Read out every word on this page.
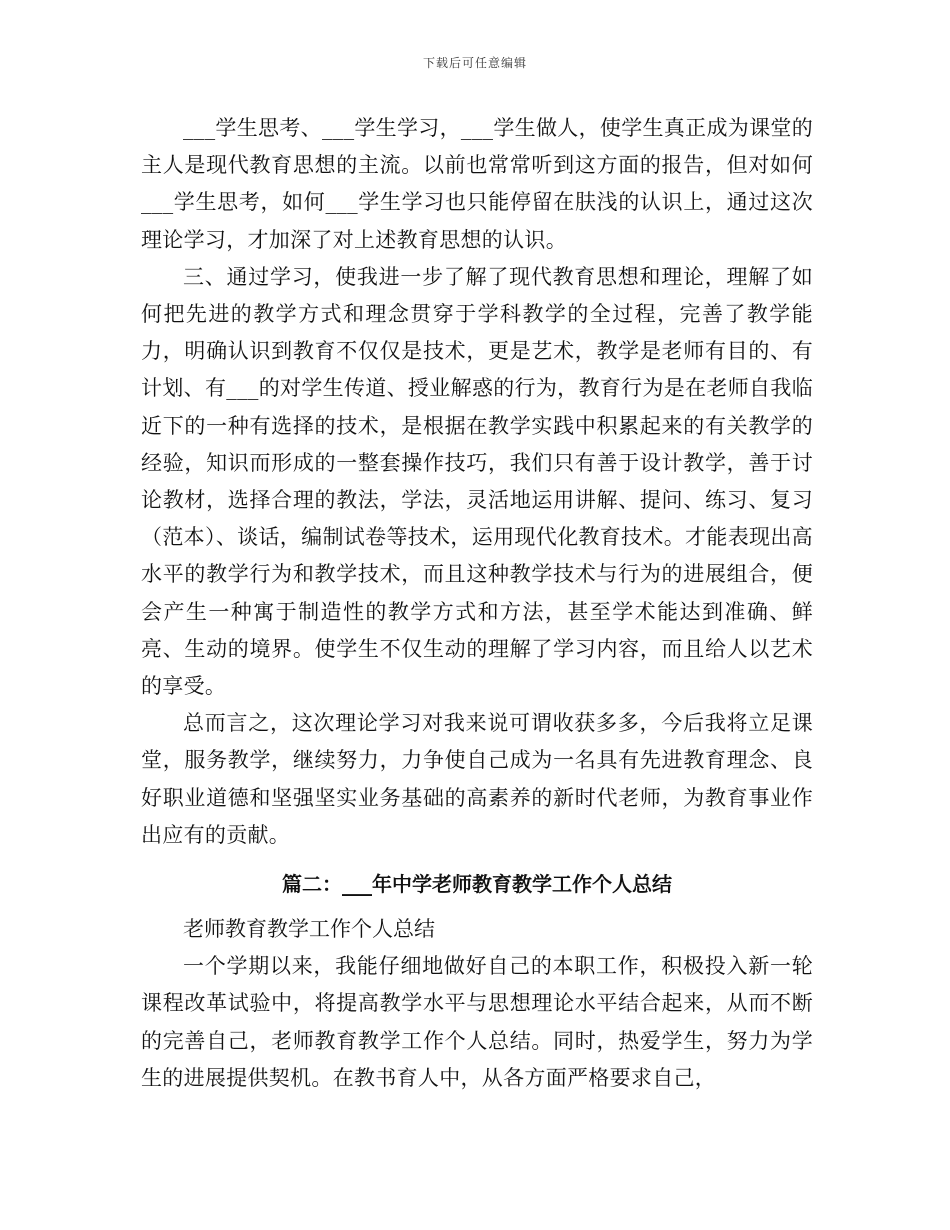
下载后可任意编辑

___学生思考、___学生学习，___学生做人，使学生真正成为课堂的主人是现代教育思想的主流。以前也常常听到这方面的报告，但对如何___学生思考，如何___学生学习也只能停留在肤浅的认识上，通过这次理论学习，才加深了对上述教育思想的认识。

三、通过学习，使我进一步了解了现代教育思想和理论，理解了如何把先进的教学方式和理念贯穿于学科教学的全过程，完善了教学能力，明确认识到教育不仅仅是技术，更是艺术，教学是老师有目的、有计划、有___的对学生传道、授业解惑的行为，教育行为是在老师自我临近下的一种有选择的技术，是根据在教学实践中积累起来的有关教学的经验，知识而形成的一整套操作技巧，我们只有善于设计教学，善于讨论教材，选择合理的教法，学法，灵活地运用讲解、提问、练习、复习（范本）、谈话，编制试卷等技术，运用现代化教育技术。才能表现出高水平的教学行为和教学技术，而且这种教学技术与行为的进展组合，便会产生一种寓于制造性的教学方式和方法，甚至学术能达到准确、鲜亮、生动的境界。使学生不仅生动的理解了学习内容，而且给人以艺术的享受。

总而言之，这次理论学习对我来说可谓收获多多，今后我将立足课堂，服务教学，继续努力，力争使自己成为一名具有先进教育理念、良好职业道德和坚强坚实业务基础的高素养的新时代老师，为教育事业作出应有的贡献。

篇二：___年中学老师教育教学工作个人总结

老师教育教学工作个人总结

一个学期以来，我能仔细地做好自己的本职工作，积极投入新一轮课程改革试验中，将提高教学水平与思想理论水平结合起来，从而不断的完善自己，老师教育教学工作个人总结。同时，热爱学生，努力为学生的进展提供契机。在教书育人中，从各方面严格要求自己，
